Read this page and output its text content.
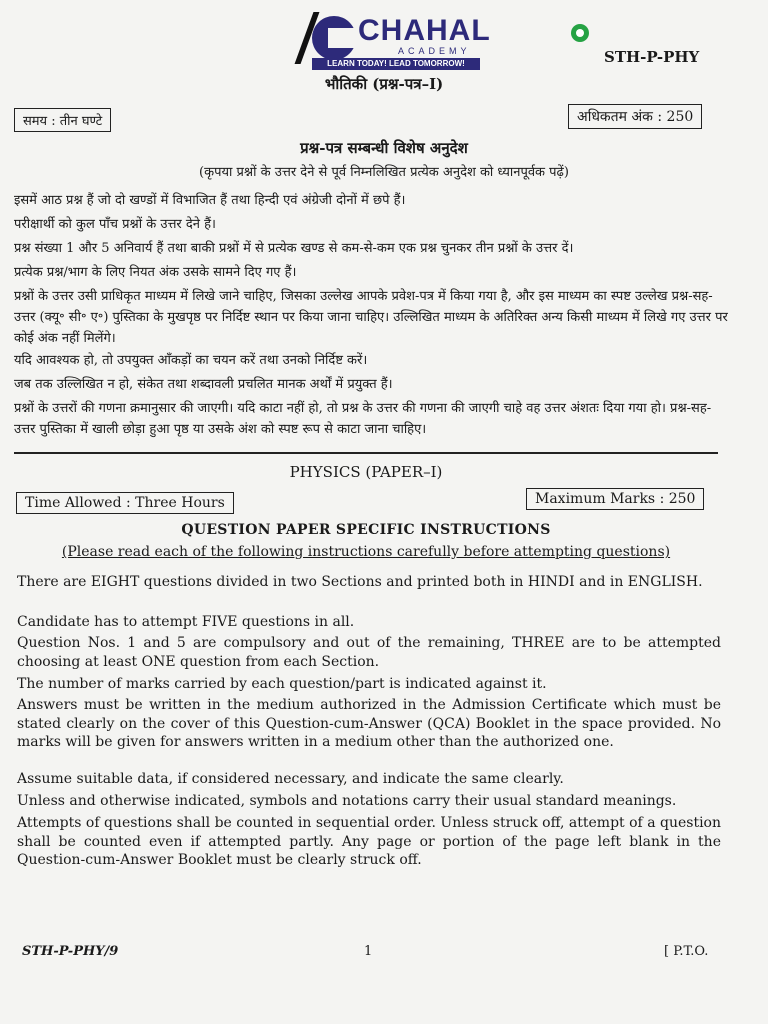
CHAHAL
ACADEMY
LEARN TODAY! LEAD TOMORROW!	STH-P-PHY
भौतिकी (प्रश्न-पत्र–I)
समय : तीन घण्टे	अधिकतम अंक : 250
प्रश्न-पत्र सम्बन्धी विशेष अनुदेश
(कृपया प्रश्नों के उत्तर देने से पूर्व निम्नलिखित प्रत्येक अनुदेश को ध्यानपूर्वक पढ़ें)
इसमें आठ प्रश्न हैं जो दो खण्डों में विभाजित हैं तथा हिन्दी एवं अंग्रेजी दोनों में छपे हैं।
परीक्षार्थी को कुल पाँच प्रश्नों के उत्तर देने हैं।
प्रश्न संख्या 1 और 5 अनिवार्य हैं तथा बाकी प्रश्नों में से प्रत्येक खण्ड से कम-से-कम एक प्रश्न चुनकर तीन प्रश्नों के उत्तर दें।
प्रत्येक प्रश्न/भाग के लिए नियत अंक उसके सामने दिए गए हैं।
प्रश्नों के उत्तर उसी प्राधिकृत माध्यम में लिखे जाने चाहिए, जिसका उल्लेख आपके प्रवेश-पत्र में किया गया है, और इस माध्यम का स्पष्ट उल्लेख प्रश्न-सह-उत्तर (क्यू॰ सी॰ ए॰) पुस्तिका के मुखपृष्ठ पर निर्दिष्ट स्थान पर किया जाना चाहिए। उल्लिखित माध्यम के अतिरिक्त अन्य किसी माध्यम में लिखे गए उत्तर पर कोई अंक नहीं मिलेंगे।
यदि आवश्यक हो, तो उपयुक्त आँकड़ों का चयन करें तथा उनको निर्दिष्ट करें।
जब तक उल्लिखित न हो, संकेत तथा शब्दावली प्रचलित मानक अर्थों में प्रयुक्त हैं।
प्रश्नों के उत्तरों की गणना क्रमानुसार की जाएगी। यदि काटा नहीं हो, तो प्रश्न के उत्तर की गणना की जाएगी चाहे वह उत्तर अंशतः दिया गया हो। प्रश्न-सह-उत्तर पुस्तिका में खाली छोड़ा हुआ पृष्ठ या उसके अंश को स्पष्ट रूप से काटा जाना चाहिए।
PHYSICS (PAPER–I)
Time Allowed : Three Hours	Maximum Marks : 250
QUESTION PAPER SPECIFIC INSTRUCTIONS
(Please read each of the following instructions carefully before attempting questions)
There are EIGHT questions divided in two Sections and printed both in HINDI and in ENGLISH.
Candidate has to attempt FIVE questions in all.
Question Nos. 1 and 5 are compulsory and out of the remaining, THREE are to be attempted choosing at least ONE question from each Section.
The number of marks carried by each question/part is indicated against it.
Answers must be written in the medium authorized in the Admission Certificate which must be stated clearly on the cover of this Question-cum-Answer (QCA) Booklet in the space provided. No marks will be given for answers written in a medium other than the authorized one.
Assume suitable data, if considered necessary, and indicate the same clearly.
Unless and otherwise indicated, symbols and notations carry their usual standard meanings.
Attempts of questions shall be counted in sequential order. Unless struck off, attempt of a question shall be counted even if attempted partly. Any page or portion of the page left blank in the Question-cum-Answer Booklet must be clearly struck off.
STH-P-PHY/9	1	[ P.T.O.
